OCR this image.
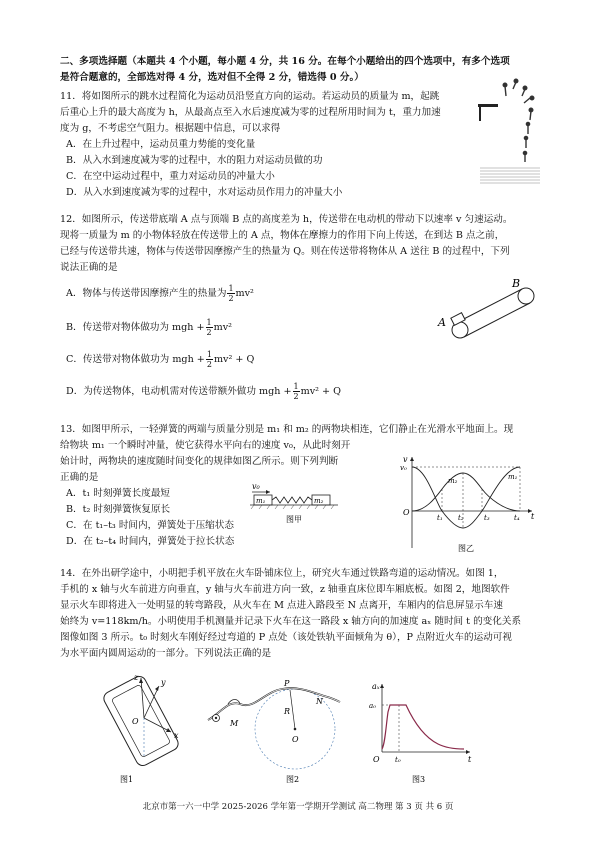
二、多项选择题（本题共 4 个小题，每小题 4 分，共 16 分。在每个小题给出的四个选项中，有多个选项
是符合题意的，全部选对得 4 分，选对但不全得 2 分，错选得 0 分。）
11．将如图所示的跳水过程简化为运动员沿竖直方向的运动。若运动员的质量为 m，起跳
后重心上升的最大高度为 h，从最高点至入水后速度减为零的过程所用时间为 t，重力加速
度为 g，不考虑空气阻力。根据题中信息，可以求得
A．在上升过程中，运动员重力势能的变化量
B．从入水到速度减为零的过程中，水的阻力对运动员做的功
C．在空中运动过程中，重力对运动员的冲量大小
D．从入水到速度减为零的过程中，水对运动员作用力的冲量大小
12．如图所示，传送带底端 A 点与顶端 B 点的高度差为 h，传送带在电动机的带动下以速率 v 匀速运动。
现将一质量为 m 的小物体轻放在传送带上的 A 点，物体在摩擦力的作用下向上传送，在到达 B 点之前，
已经与传送带共速，物体与传送带因摩擦产生的热量为 Q。则在传送带将物体从 A 送往 B 的过程中，下列
说法正确的是
A．物体与传送带因摩擦产生的热量为 $\frac{1}{2} mv^2$
B．传送带对物体做功为 mgh + $\frac{1}{2} mv^2$
C．传送带对物体做功为 mgh + $\frac{1}{2} mv^2 + Q$
D．为传送物体，电动机需对传送带额外做功 mgh + $\frac{1}{2} mv^2 + Q$
A
B
13．如图甲所示，一轻弹簧的两端与质量分别是 m₁ 和 m₂ 的两物块相连，它们静止在光滑水平地面上。现
给物块 m₁ 一个瞬时冲量，使它获得水平向右的速度 v₀，从此时刻开
始计时，两物块的速度随时间变化的规律如图乙所示。则下列判断
正确的是
A．t₁ 时刻弹簧长度最短
B．t₂ 时刻弹簧恢复原长
C．在 t₁–t₃ 时间内，弹簧处于压缩状态
D．在 t₂–t₄ 时间内，弹簧处于拉长状态
v₀
m₁	m₂
图甲
v
t
O
v₀
m₂	m₁
t₁ t₂	t₃	t₄
图乙
14．在外出研学途中，小明把手机平放在火车卧铺床位上，研究火车通过铁路弯道的运动情况。如图 1，
手机的 x 轴与火车前进方向垂直，y 轴与火车前进方向一致，z 轴垂直床位即车厢底板。如图 2，地图软件
显示火车即将进入一处明显的转弯路段，从火车在 M 点进入路段至 N 点离开，车厢内的信息屏显示车速
始终为 v=118km/h。小明使用手机测量并记录下火车在这一路段 x 轴方向的加速度 aₓ 随时间 t 的变化关系
图像如图 3 所示。t₀ 时刻火车刚好经过弯道的 P 点处（该处铁轨平面倾角为 θ），P 点附近火车的运动可视
为水平面内圆周运动的一部分。下列说法正确的是
x
y
z
O
图1
P
N
M
R
O
图2
aₓ
t
O
a₀
t₀
图3
北京市第一六一中学 2025-2026 学年第一学期开学测试 高二物理 第 3 页 共 6 页
